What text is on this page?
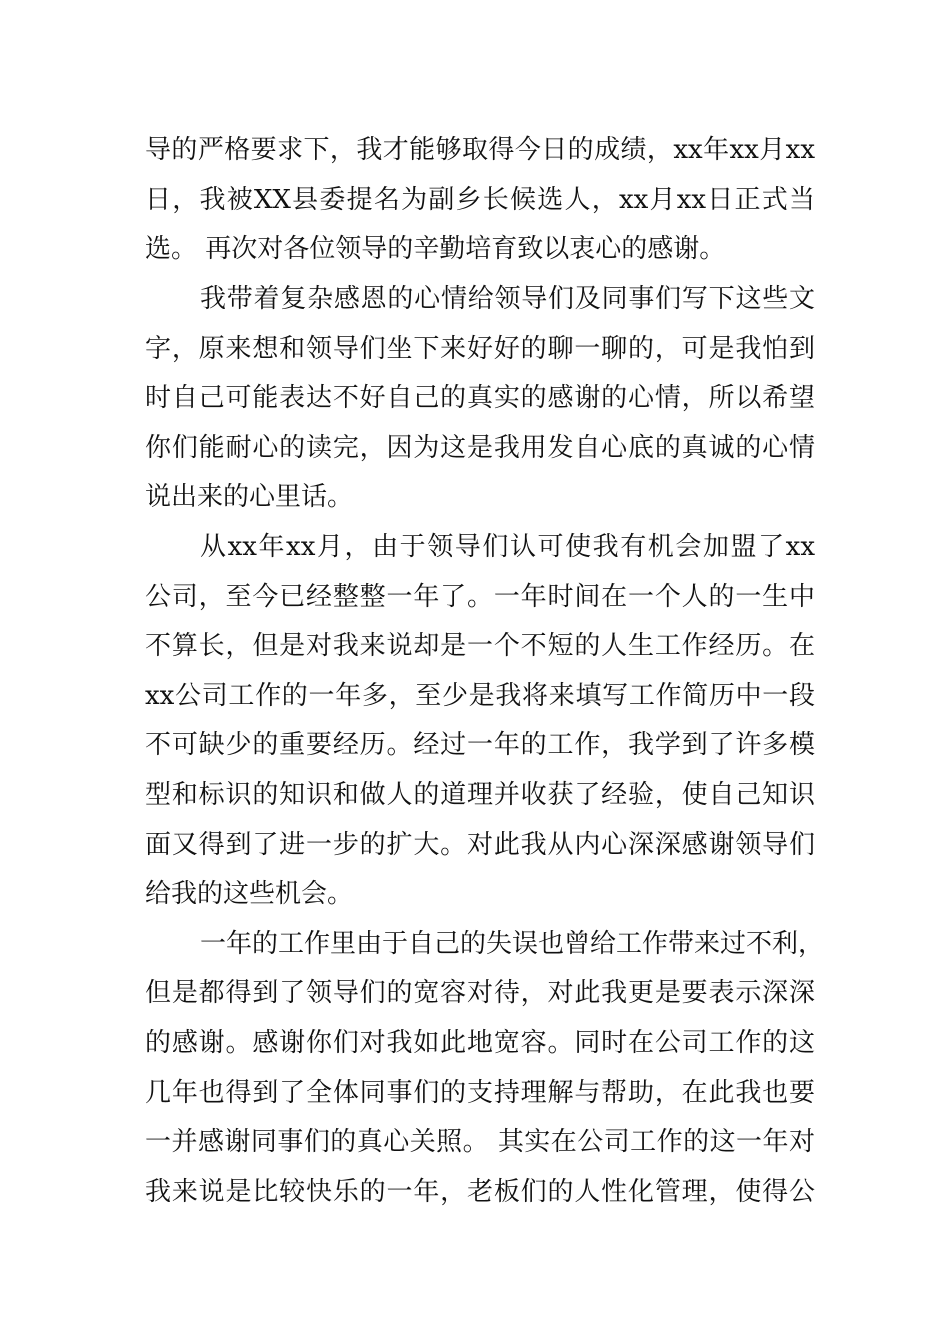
导的严格要求下，我才能够取得今日的成绩，xx年xx月xx
日，我被XX县委提名为副乡长候选人，xx月xx日正式当
选。 再次对各位领导的辛勤培育致以衷心的感谢。
我带着复杂感恩的心情给领导们及同事们写下这些文
字，原来想和领导们坐下来好好的聊一聊的，可是我怕到
时自己可能表达不好自己的真实的感谢的心情，所以希望
你们能耐心的读完，因为这是我用发自心底的真诚的心情
说出来的心里话。
从xx年xx月，由于领导们认可使我有机会加盟了xx
公司，至今已经整整一年了。一年时间在一个人的一生中
不算长，但是对我来说却是一个不短的人生工作经历。在
xx公司工作的一年多，至少是我将来填写工作简历中一段
不可缺少的重要经历。经过一年的工作，我学到了许多模
型和标识的知识和做人的道理并收获了经验，使自己知识
面又得到了进一步的扩大。对此我从内心深深感谢领导们
给我的这些机会。
一年的工作里由于自己的失误也曾给工作带来过不利，
但是都得到了领导们的宽容对待，对此我更是要表示深深
的感谢。感谢你们对我如此地宽容。同时在公司工作的这
几年也得到了全体同事们的支持理解与帮助，在此我也要
一并感谢同事们的真心关照。 其实在公司工作的这一年对
我来说是比较快乐的一年，老板们的人性化管理，使得公
